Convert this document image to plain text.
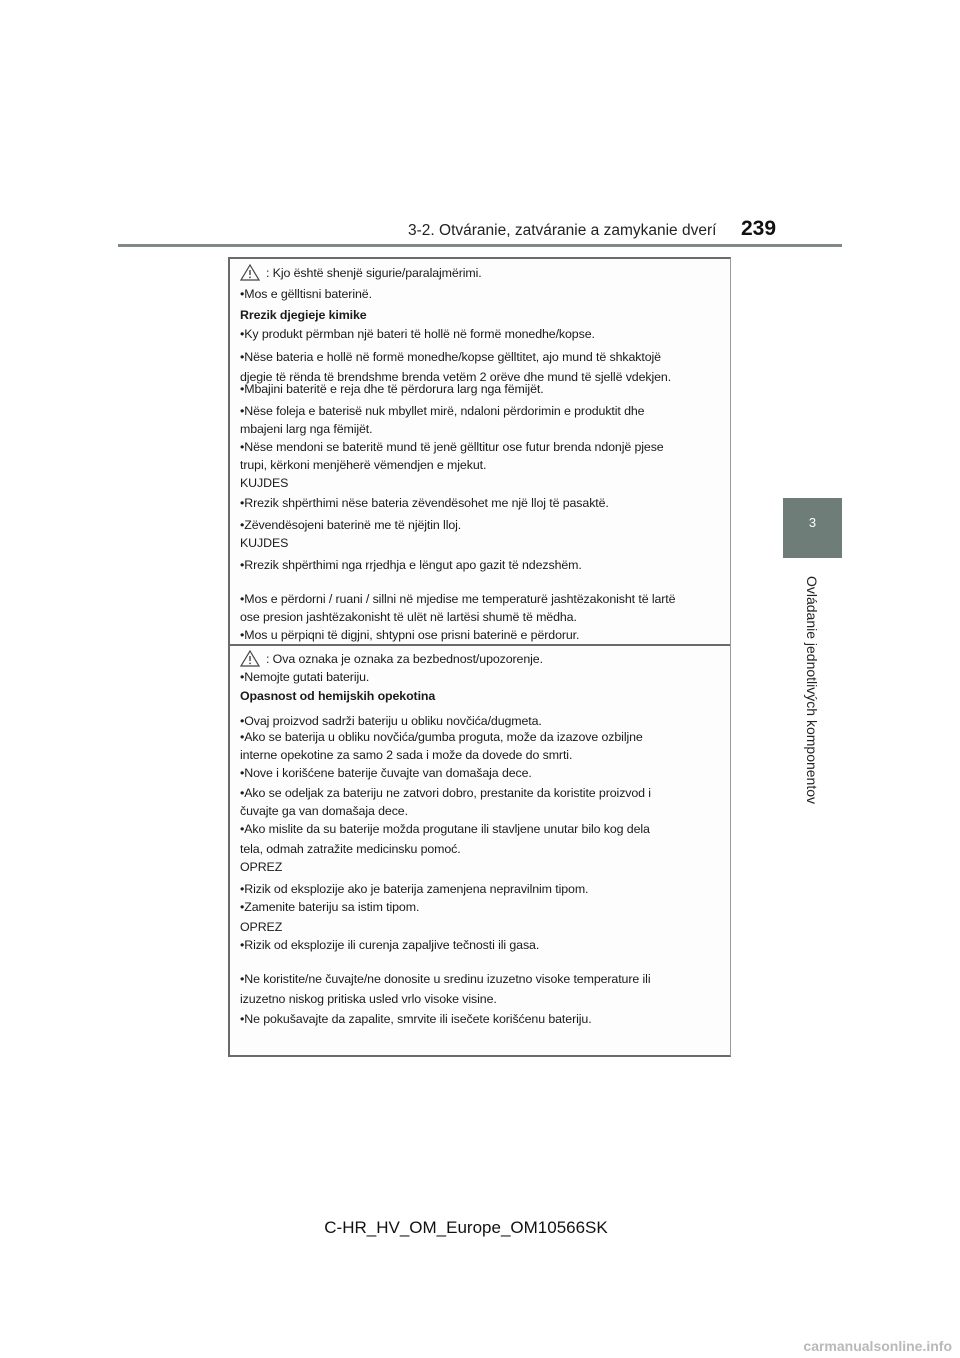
3-2. Otváranie, zatváranie a zamykanie dverí 239
3
Ovládanie jednotlivých komponentov
: Kjo është shenjë sigurie/paralajmërimi.
•Mos e gëlltisni baterinë.
Rrezik djegieje kimike
•Ky produkt përmban një bateri të hollë në formë monedhe/kopse.
•Nëse bateria e hollë në formë monedhe/kopse gëlltitet, ajo mund të shkaktojë
djegie të rënda të brendshme brenda vetëm 2 orëve dhe mund të sjellë vdekjen.
•Mbajini bateritë e reja dhe të përdorura larg nga fëmijët.
•Nëse foleja e baterisë nuk mbyllet mirë, ndaloni përdorimin e produktit dhe
mbajeni larg nga fëmijët.
•Nëse mendoni se bateritë mund të jenë gëlltitur ose futur brenda ndonjë pjese
trupi, kërkoni menjëherë vëmendjen e mjekut.
KUJDES
•Rrezik shpërthimi nëse bateria zëvendësohet me një lloj të pasaktë.
•Zëvendësojeni baterinë me të njëjtin lloj.
KUJDES
•Rrezik shpërthimi nga rrjedhja e lëngut apo gazit të ndezshëm.
•Mos e përdorni / ruani / sillni në mjedise me temperaturë jashtëzakonisht të lartë
ose presion jashtëzakonisht të ulët në lartësi shumë të mëdha.
•Mos u përpiqni të digjni, shtypni ose prisni baterinë e përdorur.
: Ova oznaka je oznaka za bezbednost/upozorenje.
•Nemojte gutati bateriju.
Opasnost od hemijskih opekotina
•Ovaj proizvod sadrži bateriju u obliku novčića/dugmeta.
•Ako se baterija u obliku novčića/gumba proguta, može da izazove ozbiljne
interne opekotine za samo 2 sada i može da dovede do smrti.
•Nove i korišćene baterije čuvajte van domašaja dece.
•Ako se odeljak za bateriju ne zatvori dobro, prestanite da koristite proizvod i
čuvajte ga van domašaja dece.
•Ako mislite da su baterije možda progutane ili stavljene unutar bilo kog dela
tela, odmah zatražite medicinsku pomoć.
OPREZ
•Rizik od eksplozije ako je baterija zamenjena nepravilnim tipom.
•Zamenite bateriju sa istim tipom.
OPREZ
•Rizik od eksplozije ili curenja zapaljive tečnosti ili gasa.
•Ne koristite/ne čuvajte/ne donosite u sredinu izuzetno visoke temperature ili
izuzetno niskog pritiska usled vrlo visoke visine.
•Ne pokušavajte da zapalite, smrvite ili isečete korišćenu bateriju.
C-HR_HV_OM_Europe_OM10566SK
carmanualsonline.info
